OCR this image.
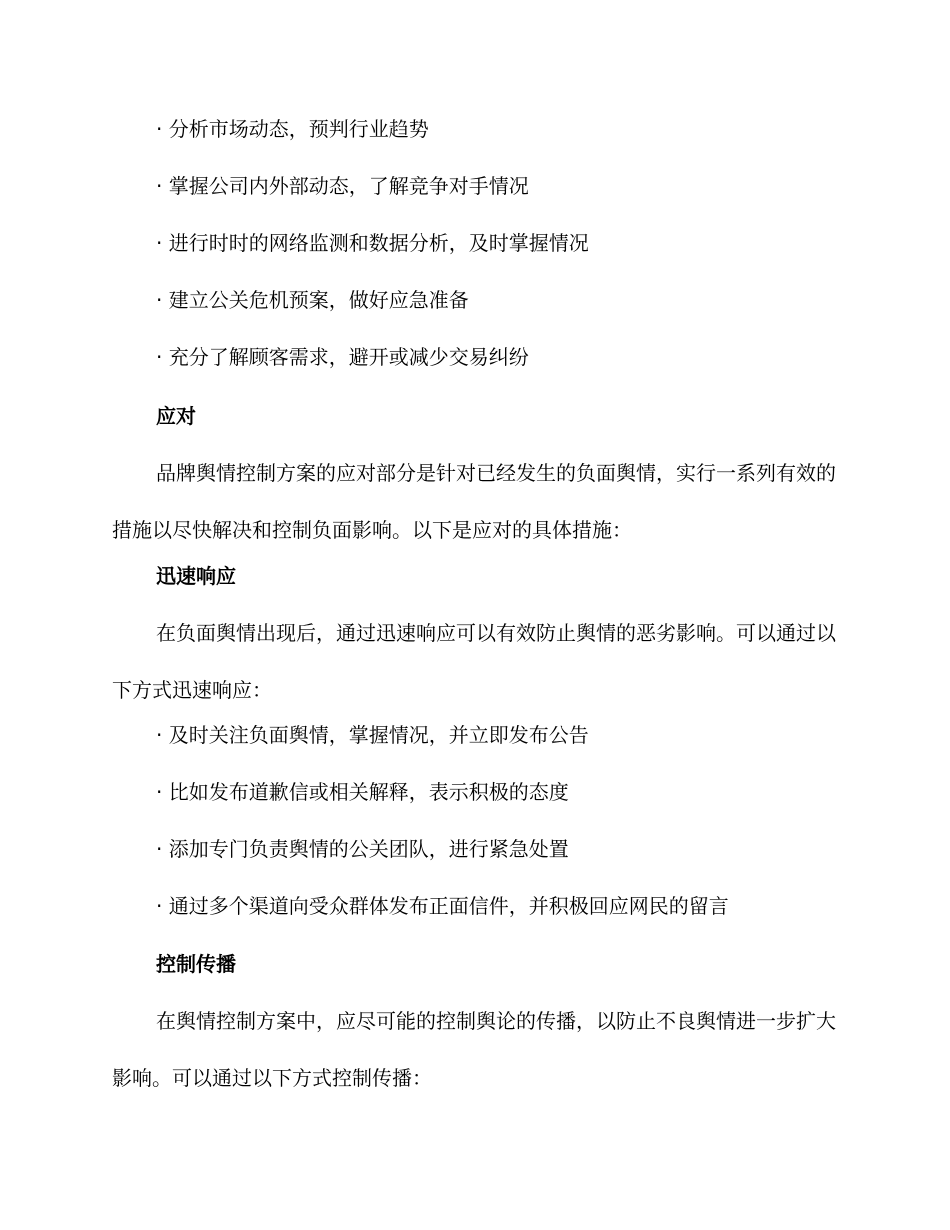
· 分析市场动态，预判行业趋势

· 掌握公司内外部动态，了解竞争对手情况

· 进行时时的网络监测和数据分析，及时掌握情况

· 建立公关危机预案，做好应急准备

· 充分了解顾客需求，避开或减少交易纠纷

应对

品牌舆情控制方案的应对部分是针对已经发生的负面舆情，实行一系列有效的措施以尽快解决和控制负面影响。以下是应对的具体措施：

迅速响应

在负面舆情出现后，通过迅速响应可以有效防止舆情的恶劣影响。可以通过以下方式迅速响应：

· 及时关注负面舆情，掌握情况，并立即发布公告

· 比如发布道歉信或相关解释，表示积极的态度

· 添加专门负责舆情的公关团队，进行紧急处置

· 通过多个渠道向受众群体发布正面信件，并积极回应网民的留言

控制传播

在舆情控制方案中，应尽可能的控制舆论的传播，以防止不良舆情进一步扩大影响。可以通过以下方式控制传播：
